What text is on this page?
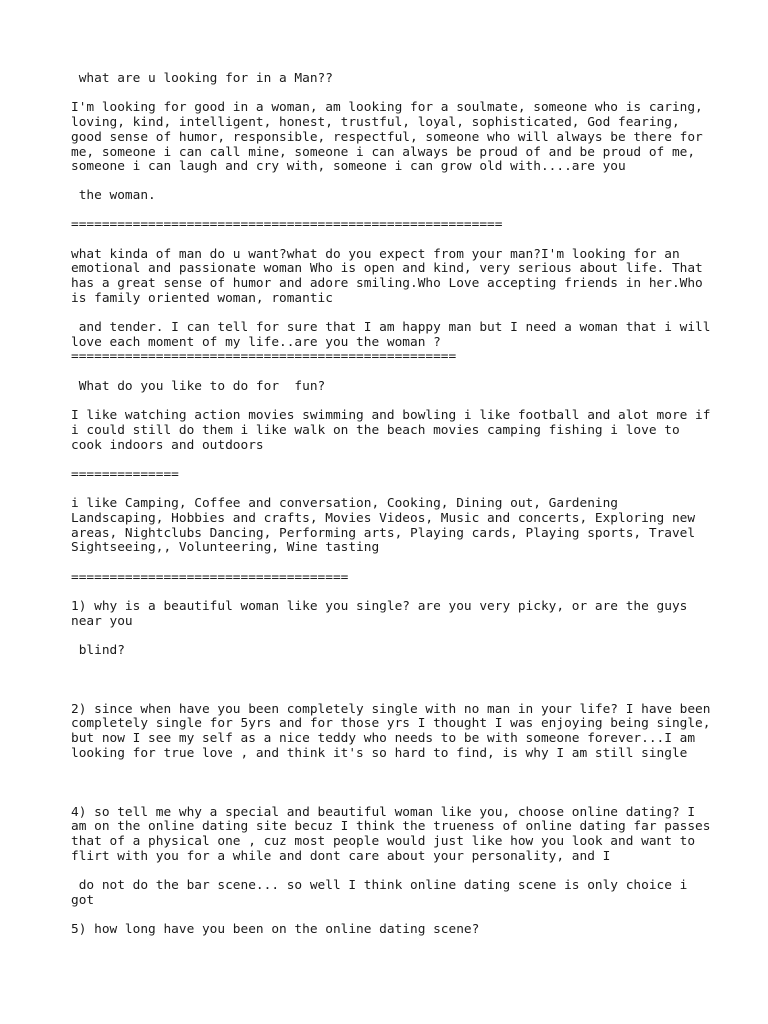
what are u looking for in a Man??

I'm looking for good in a woman, am looking for a soulmate, someone who is caring,

loving, kind, intelligent, honest, trustful, loyal, sophisticated, God fearing,

good sense of humor, responsible, respectful, someone who will always be there for

me, someone i can call mine, someone i can always be proud of and be proud of me,

someone i can laugh and cry with, someone i can grow old with....are you

the woman.

========================================================

what kinda of man do u want?what do you expect from your man?I'm looking for an

emotional and passionate woman Who is open and kind, very serious about life. That

has a great sense of humor and adore smiling.Who Love accepting friends in her.Who

is family oriented woman, romantic

and tender. I can tell for sure that I am happy man but I need a woman that i will

love each moment of my life..are you the woman ?

==================================================

What do you like to do for  fun?

I like watching action movies swimming and bowling i like football and alot more if

i could still do them i like walk on the beach movies camping fishing i love to

cook indoors and outdoors

==============

i like Camping, Coffee and conversation, Cooking, Dining out, Gardening

Landscaping, Hobbies and crafts, Movies Videos, Music and concerts, Exploring new

areas, Nightclubs Dancing, Performing arts, Playing cards, Playing sports, Travel

Sightseeing,, Volunteering, Wine tasting

====================================

1) why is a beautiful woman like you single? are you very picky, or are the guys

near you

blind?

2) since when have you been completely single with no man in your life? I have been

completely single for 5yrs and for those yrs I thought I was enjoying being single,

but now I see my self as a nice teddy who needs to be with someone forever...I am

looking for true love , and think it's so hard to find, is why I am still single

4) so tell me why a special and beautiful woman like you, choose online dating? I

am on the online dating site becuz I think the trueness of online dating far passes

that of a physical one , cuz most people would just like how you look and want to

flirt with you for a while and dont care about your personality, and I

do not do the bar scene... so well I think online dating scene is only choice i

got

5) how long have you been on the online dating scene?
